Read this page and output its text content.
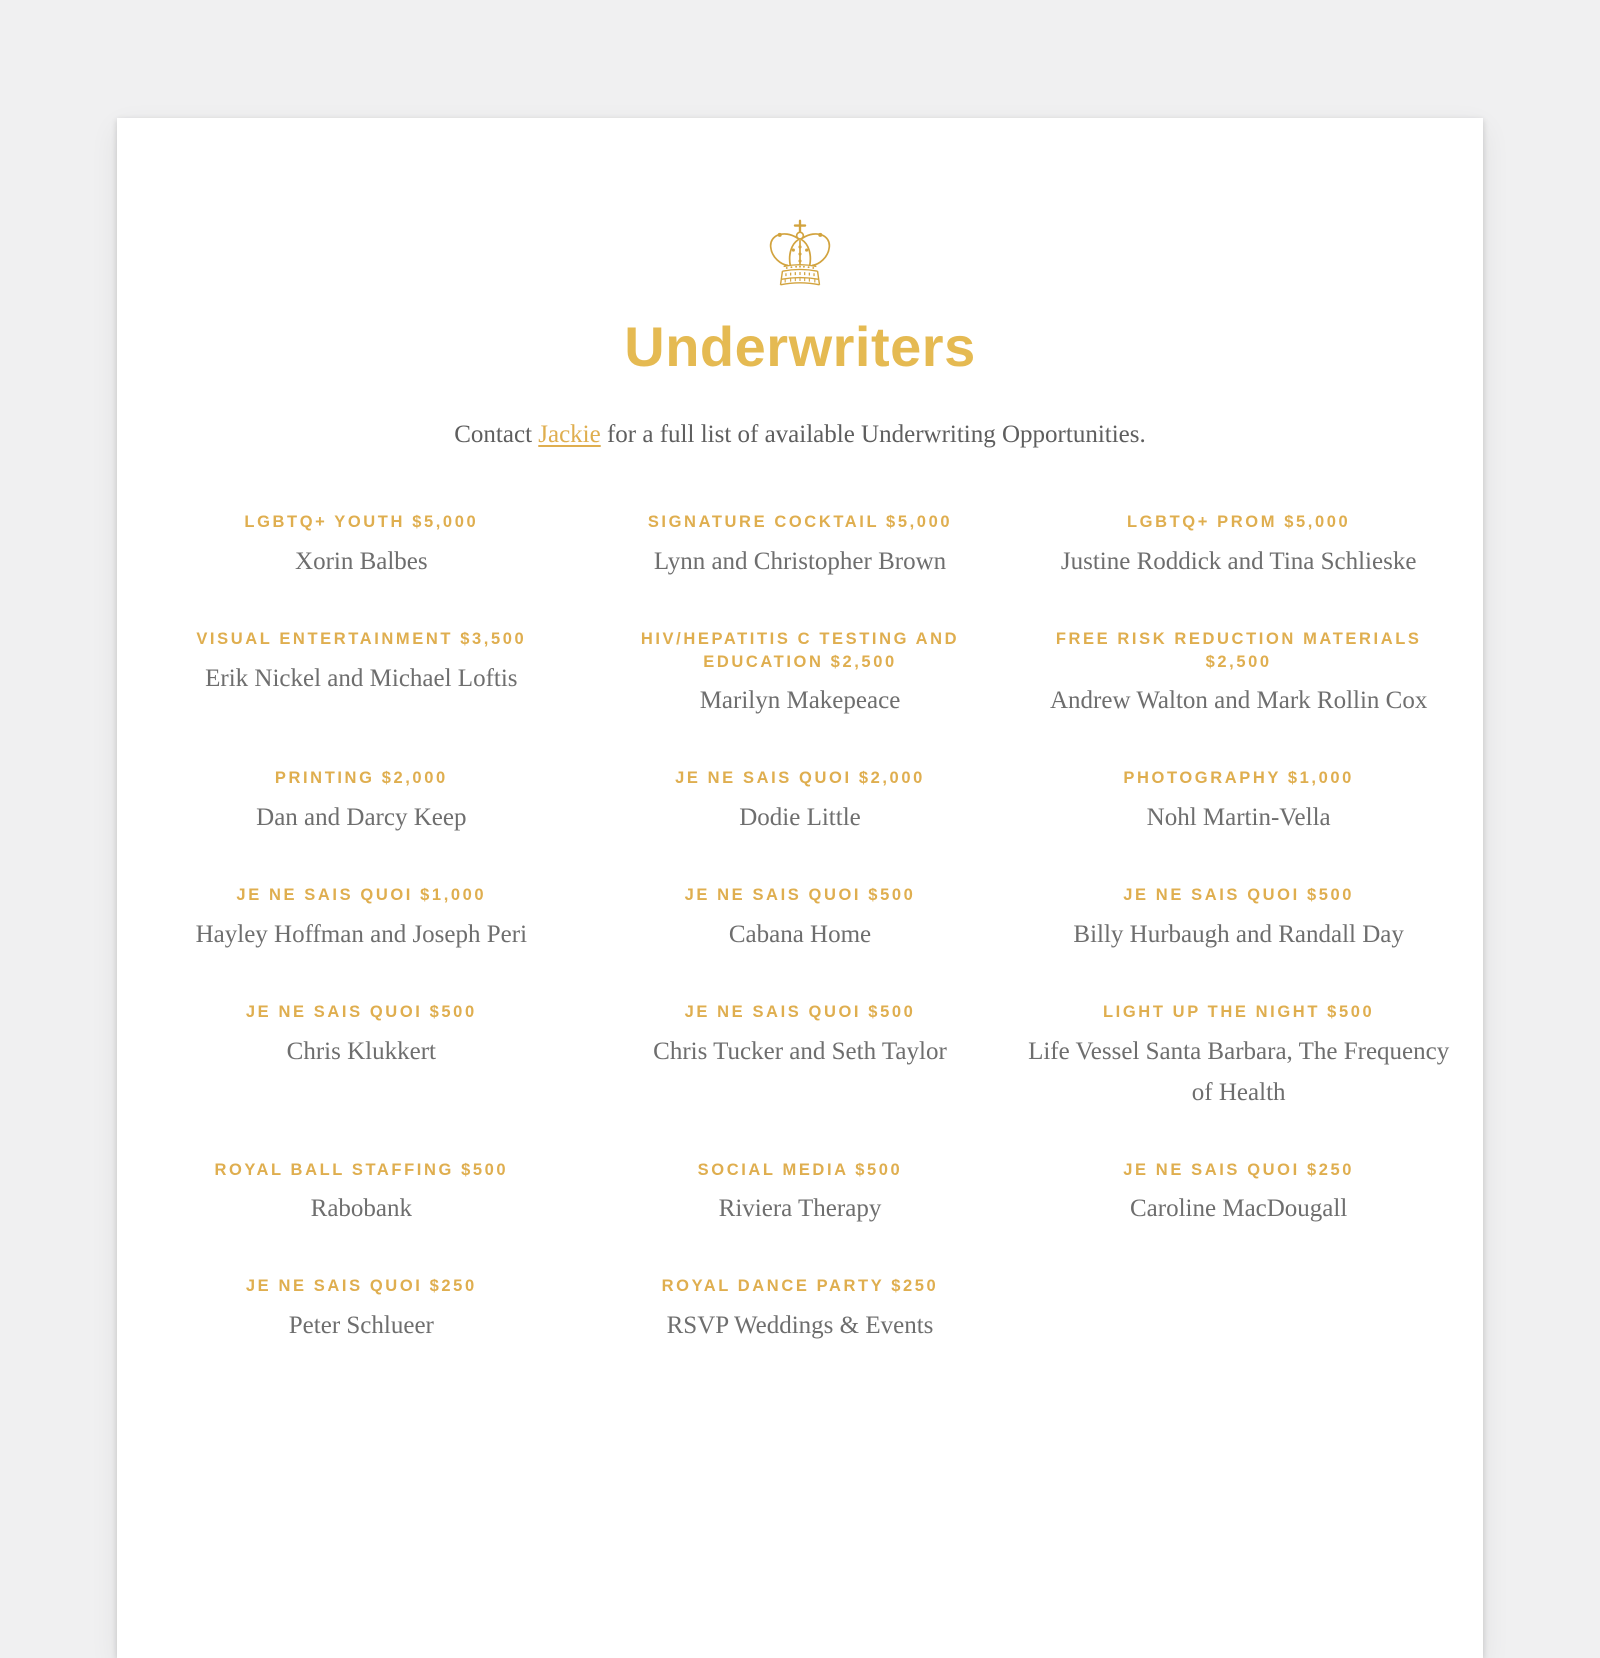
Underwriters

Contact Jackie for a full list of available Underwriting Opportunities.

LGBTQ+ YOUTH $5,000
Xorin Balbes
SIGNATURE COCKTAIL $5,000
Lynn and Christopher Brown
LGBTQ+ PROM $5,000
Justine Roddick and Tina Schlieske
VISUAL ENTERTAINMENT $3,500
Erik Nickel and Michael Loftis
HIV/HEPATITIS C TESTING AND EDUCATION $2,500
Marilyn Makepeace
FREE RISK REDUCTION MATERIALS $2,500
Andrew Walton and Mark Rollin Cox
PRINTING $2,000
Dan and Darcy Keep
JE NE SAIS QUOI $2,000
Dodie Little
PHOTOGRAPHY $1,000
Nohl Martin-Vella
JE NE SAIS QUOI $1,000
Hayley Hoffman and Joseph Peri
JE NE SAIS QUOI $500
Cabana Home
JE NE SAIS QUOI $500
Billy Hurbaugh and Randall Day
JE NE SAIS QUOI $500
Chris Klukkert
JE NE SAIS QUOI $500
Chris Tucker and Seth Taylor
LIGHT UP THE NIGHT $500
Life Vessel Santa Barbara, The Frequency of Health
ROYAL BALL STAFFING $500
Rabobank
SOCIAL MEDIA $500
Riviera Therapy
JE NE SAIS QUOI $250
Caroline MacDougall
JE NE SAIS QUOI $250
Peter Schlueer
ROYAL DANCE PARTY $250
RSVP Weddings & Events
